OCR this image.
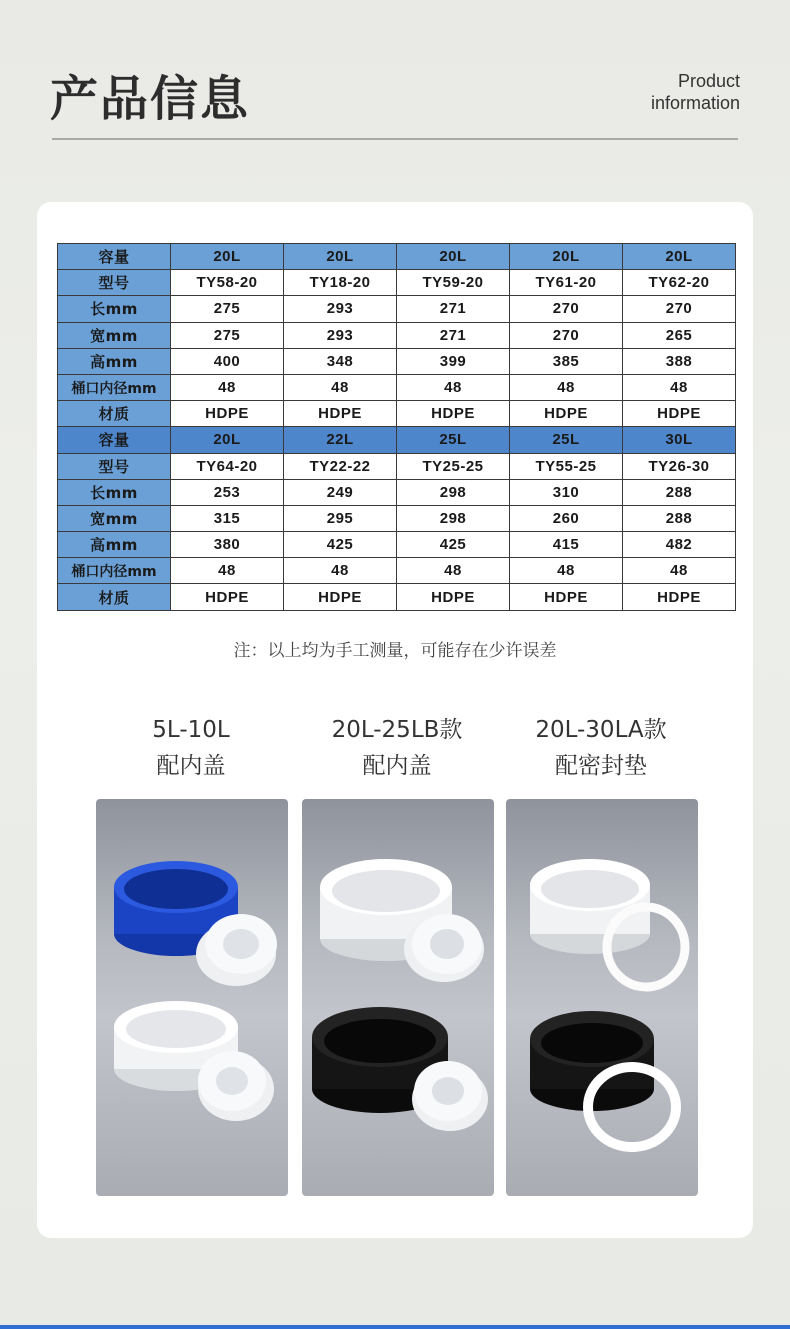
产品信息	Product
information
容量	20L	20L	20L	20L	20L
型号	TY58-20	TY18-20	TY59-20	TY61-20	TY62-20
长mm	275	293	271	270	270
宽mm	275	293	271	270	265
高mm	400	348	399	385	388
桶口内径mm	48	48	48	48	48
材质	HDPE	HDPE	HDPE	HDPE	HDPE
容量	20L	22L	25L	25L	30L
型号	TY64-20	TY22-22	TY25-25	TY55-25	TY26-30
长mm	253	249	298	310	288
宽mm	315	295	298	260	288
高mm	380	425	425	415	482
桶口内径mm	48	48	48	48	48
材质	HDPE	HDPE	HDPE	HDPE	HDPE
注：以上均为手工测量，可能存在少许误差
5L-10L
配内盖
20L-25LB款
配内盖
20L-30LA款
配密封垫
